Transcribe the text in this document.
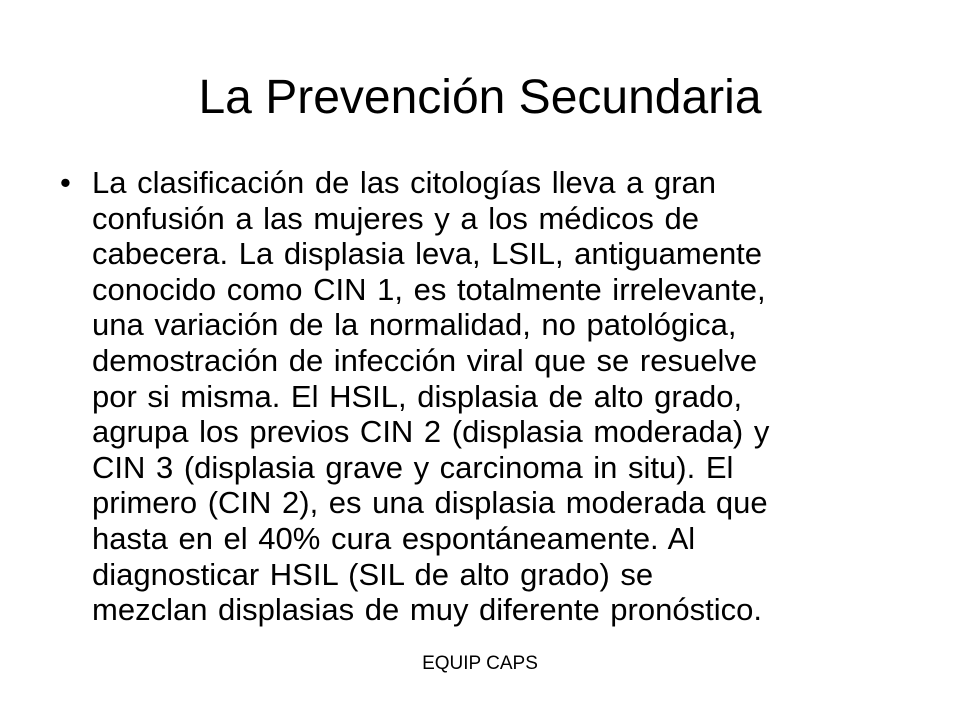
La Prevención Secundaria
• La clasificación de las citologías lleva a gran
confusión a las mujeres y a los médicos de
cabecera. La displasia leva, LSIL, antiguamente
conocido como CIN 1, es totalmente irrelevante,
una variación de la normalidad, no patológica,
demostración de infección viral que se resuelve
por si misma. El HSIL, displasia de alto grado,
agrupa los previos CIN 2 (displasia moderada) y
CIN 3 (displasia grave y carcinoma in situ). El
primero (CIN 2), es una displasia moderada que
hasta en el 40% cura espontáneamente. Al
diagnosticar HSIL (SIL de alto grado) se
mezclan displasias de muy diferente pronóstico.
EQUIP CAPS
